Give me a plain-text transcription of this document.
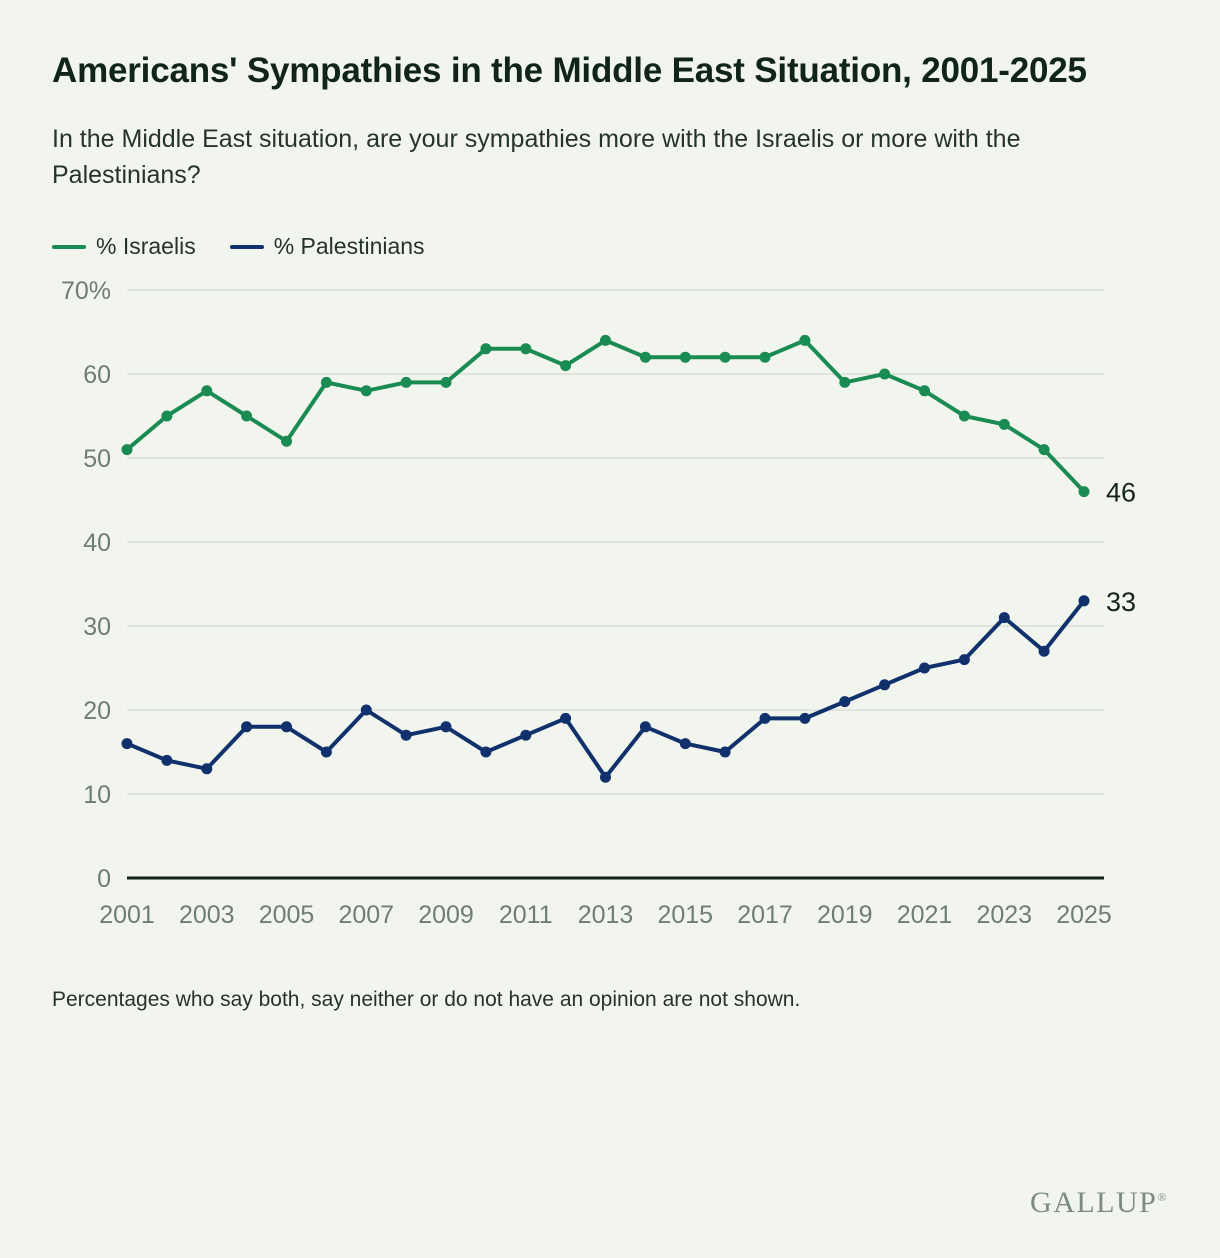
Americans' Sympathies in the Middle East Situation, 2001-2025
In the Middle East situation, are your sympathies more with the Israelis or more with the Palestinians?
% Israelis	% Palestinians
0
10
20
30
40
50
60
70%
2001 2003 2005 2007 2009 2011 2013 2015 2017 2019 2021 2023 2025
46
33
Percentages who say both, say neither or do not have an opinion are not shown.
GALLUP®
